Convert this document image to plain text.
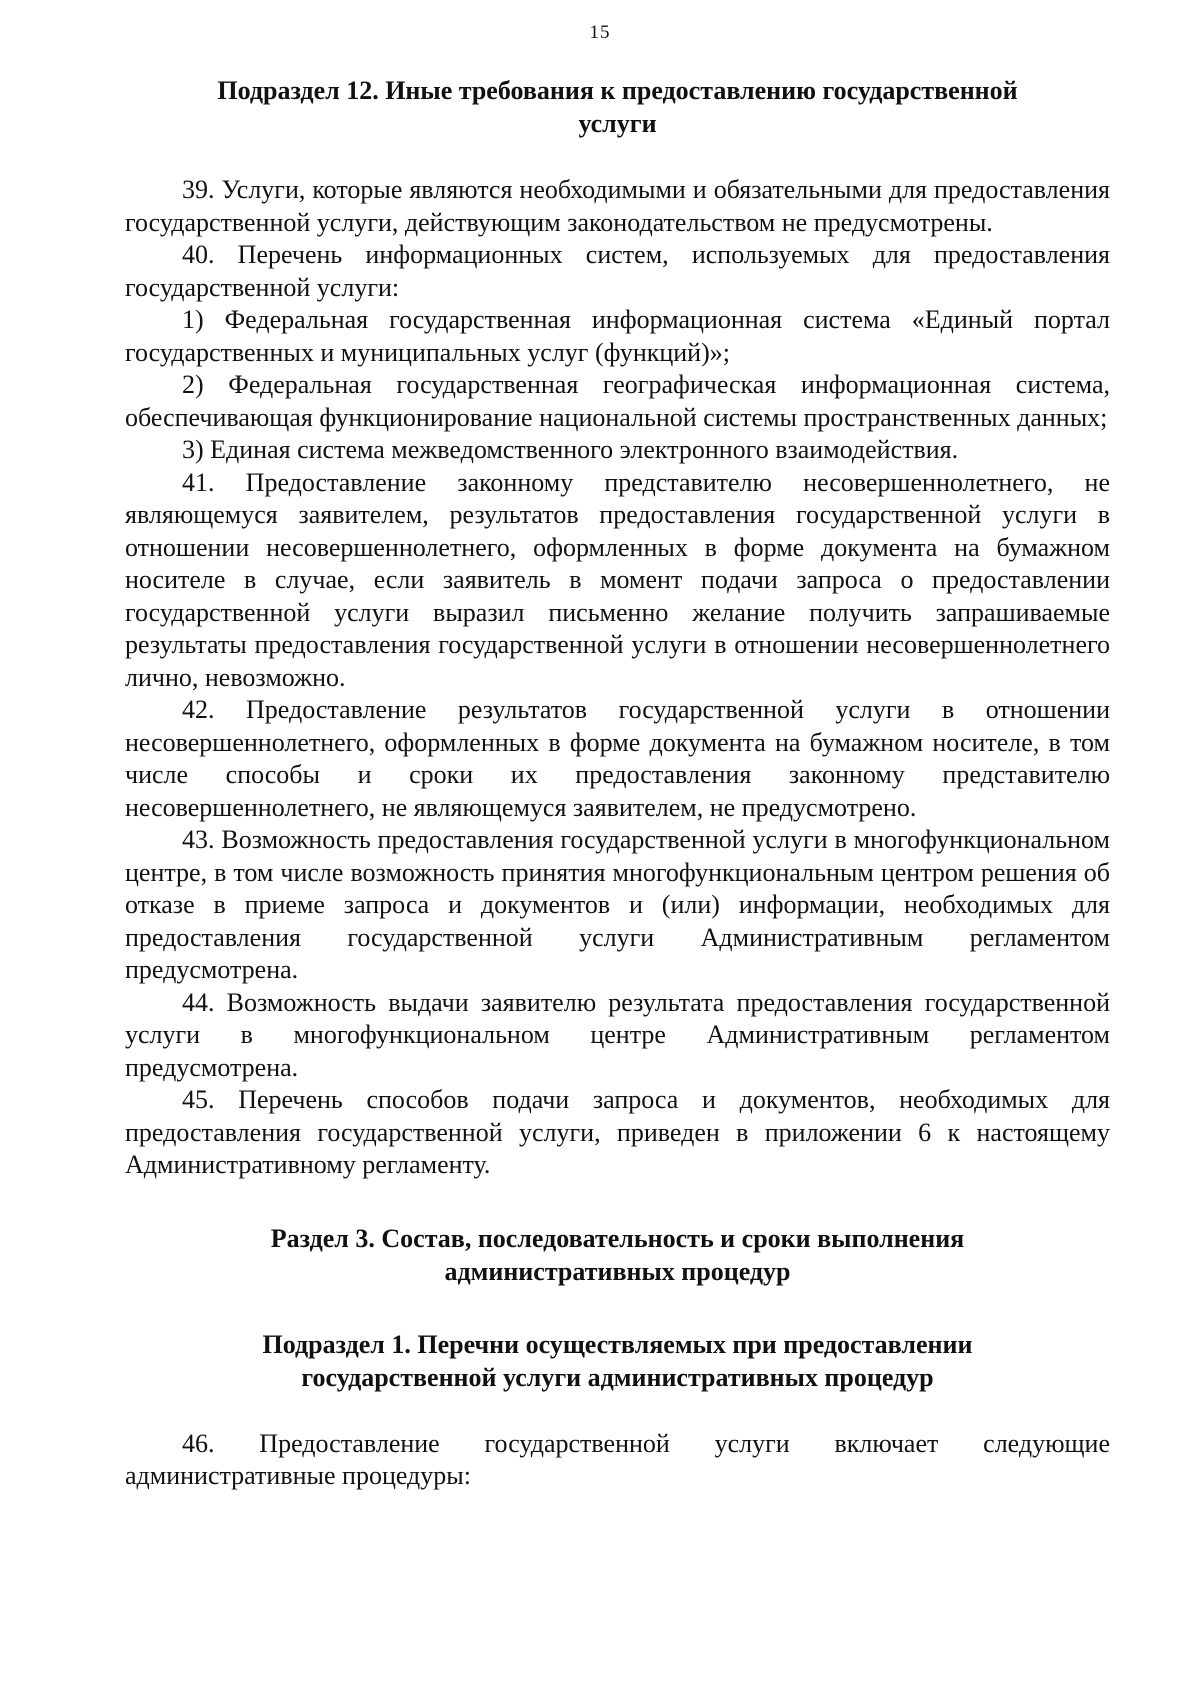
15
Подраздел 12. Иные требования к предоставлению государственной
услуги

39. Услуги, которые являются необходимыми и обязательными для предоставления государственной услуги, действующим законодательством не предусмотрены.

40. Перечень информационных систем, используемых для предоставления государственной услуги:

1) Федеральная государственная информационная система «Единый портал государственных и муниципальных услуг (функций)»;

2) Федеральная государственная географическая информационная система, обеспечивающая функционирование национальной системы пространственных данных;

3) Единая система межведомственного электронного взаимодействия.

41. Предоставление законному представителю несовершеннолетнего, не являющемуся заявителем, результатов предоставления государственной услуги в отношении несовершеннолетнего, оформленных в форме документа на бумажном носителе в случае, если заявитель в момент подачи запроса о предоставлении государственной услуги выразил письменно желание получить запрашиваемые результаты предоставления государственной услуги в отношении несовершеннолетнего лично, невозможно.

42. Предоставление результатов государственной услуги в отношении несовершеннолетнего, оформленных в форме документа на бумажном носителе, в том числе способы и сроки их предоставления законному представителю несовершеннолетнего, не являющемуся заявителем, не предусмотрено.

43. Возможность предоставления государственной услуги в многофункциональном центре, в том числе возможность принятия многофункциональным центром решения об отказе в приеме запроса и документов и (или) информации, необходимых для предоставления государственной услуги Административным регламентом предусмотрена.

44. Возможность выдачи заявителю результата предоставления государственной услуги в многофункциональном центре Административным регламентом предусмотрена.

45. Перечень способов подачи запроса и документов, необходимых для предоставления государственной услуги, приведен в приложении 6 к настоящему Административному регламенту.

Раздел 3. Состав, последовательность и сроки выполнения
административных процедур
Подраздел 1. Перечни осуществляемых при предоставлении
государственной услуги административных процедур

46. Предоставление государственной услуги включает следующие административные процедуры:
